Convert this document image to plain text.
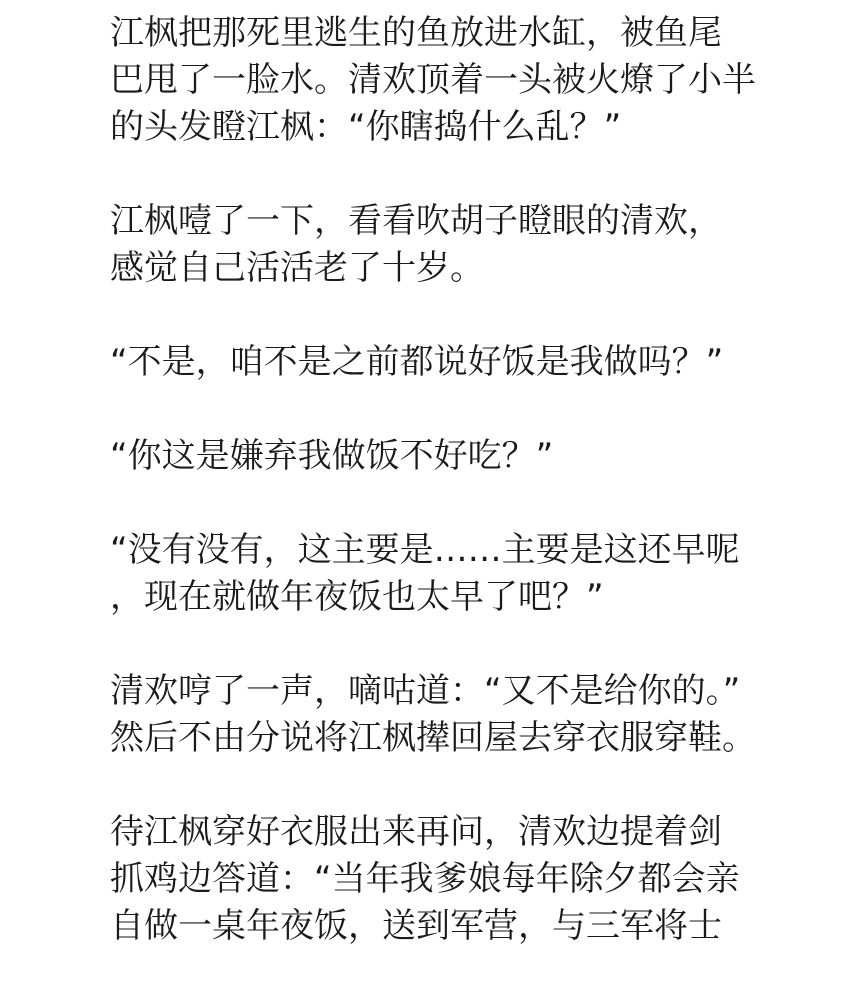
江枫把那死里逃生的鱼放进水缸，被鱼尾
巴甩了一脸水。清欢顶着一头被火燎了小半
的头发瞪江枫：“你瞎捣什么乱？”

江枫噎了一下，看看吹胡子瞪眼的清欢，
感觉自己活活老了十岁。

“不是，咱不是之前都说好饭是我做吗？”

“你这是嫌弃我做饭不好吃？”

“没有没有，这主要是……主要是这还早呢
，现在就做年夜饭也太早了吧？”

清欢哼了一声，嘀咕道：“又不是给你的。”
然后不由分说将江枫撵回屋去穿衣服穿鞋。

待江枫穿好衣服出来再问，清欢边提着剑
抓鸡边答道：“当年我爹娘每年除夕都会亲
自做一桌年夜饭，送到军营，与三军将士
